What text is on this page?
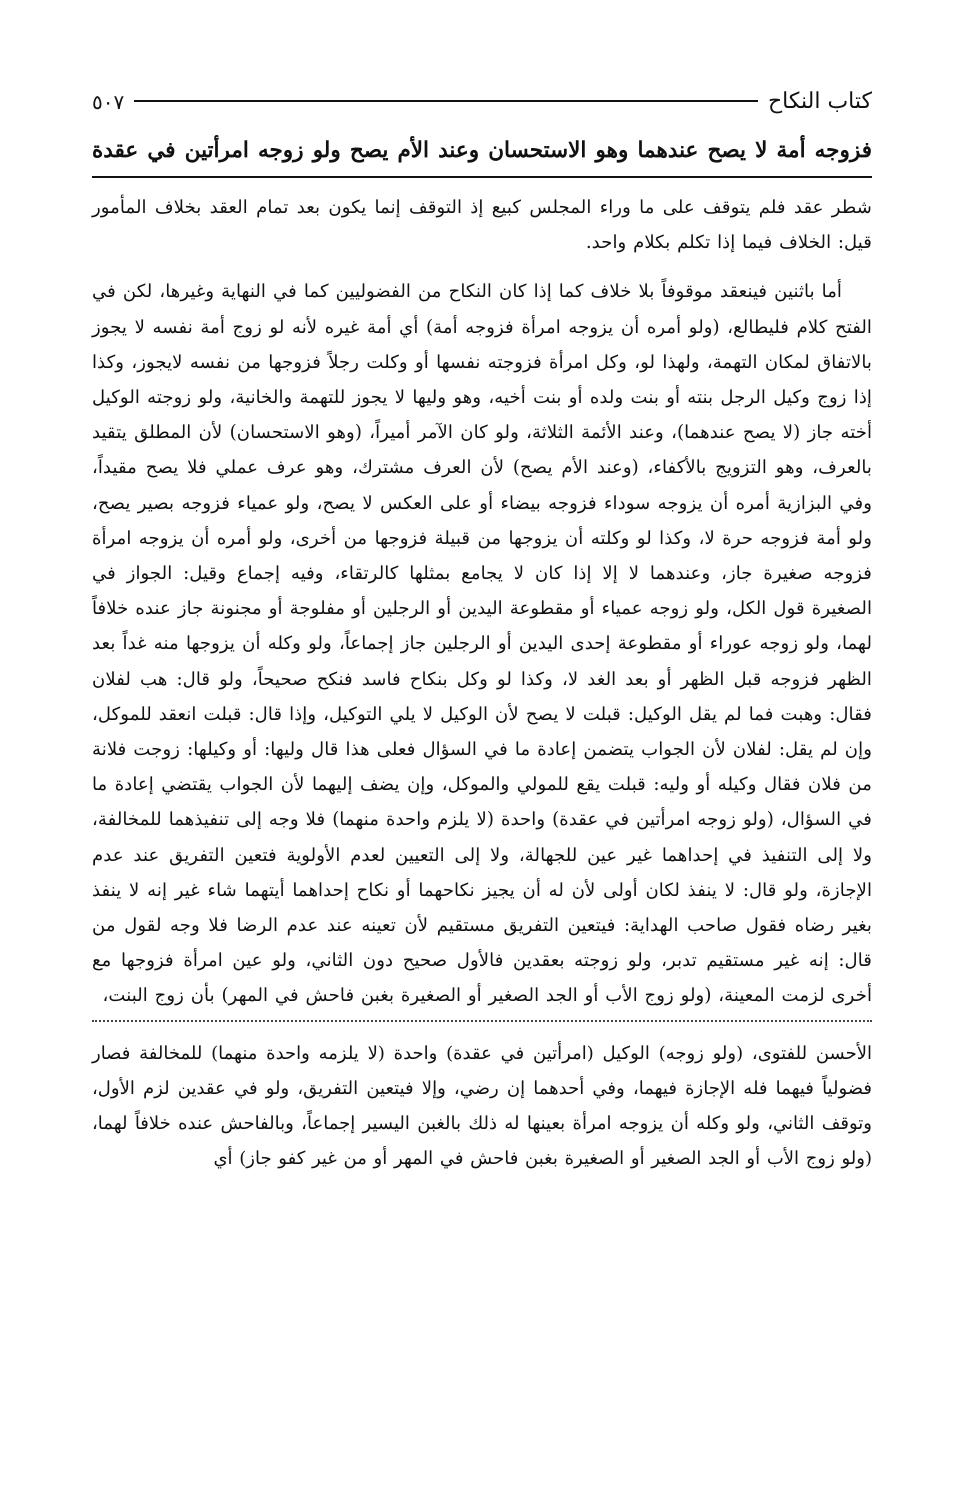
كتاب النكاح
٥٠٧
فزوجه أمة لا يصح عندهما وهو الاستحسان وعند الأم يصح ولو زوجه امرأتين في عقدة

شطر عقد فلم يتوقف على ما وراء المجلس كبيع إذ التوقف إنما يكون بعد تمام العقد بخلاف المأمور قيل: الخلاف فيما إذا تكلم بكلام واحد.

أما باثنين فينعقد موقوفاً بلا خلاف كما إذا كان النكاح من الفضوليين كما في النهاية وغيرها، لكن في الفتح كلام فليطالع، (ولو أمره أن يزوجه امرأة فزوجه أمة) أي أمة غيره لأنه لو زوج أمة نفسه لا يجوز بالاتفاق لمكان التهمة، ولهذا لو، وكل امرأة فزوجته نفسها أو وكلت رجلاً فزوجها من نفسه لايجوز، وكذا إذا زوج وكيل الرجل بنته أو بنت ولده أو بنت أخيه، وهو وليها لا يجوز للتهمة والخانية، ولو زوجته الوكيل أخته جاز (لا يصح عندهما)، وعند الأئمة الثلاثة، ولو كان الآمر أميراً، (وهو الاستحسان) لأن المطلق يتقيد بالعرف، وهو التزويج بالأكفاء، (وعند الأم يصح) لأن العرف مشترك، وهو عرف عملي فلا يصح مقيداً، وفي البزازية أمره أن يزوجه سوداء فزوجه بيضاء أو على العكس لا يصح، ولو عمياء فزوجه بصير يصح، ولو أمة فزوجه حرة لا، وكذا لو وكلته أن يزوجها من قبيلة فزوجها من أخرى، ولو أمره أن يزوجه امرأة فزوجه صغيرة جاز، وعندهما لا إلا إذا كان لا يجامع بمثلها كالرتقاء، وفيه إجماع وقيل: الجواز في الصغيرة قول الكل، ولو زوجه عمياء أو مقطوعة اليدين أو الرجلين أو مفلوجة أو مجنونة جاز عنده خلافاً لهما، ولو زوجه عوراء أو مقطوعة إحدى اليدين أو الرجلين جاز إجماعاً، ولو وكله أن يزوجها منه غداً بعد الظهر فزوجه قبل الظهر أو بعد الغد لا، وكذا لو وكل بنكاح فاسد فنكح صحيحاً، ولو قال: هب لفلان فقال: وهبت فما لم يقل الوكيل: قبلت لا يصح لأن الوكيل لا يلي التوكيل، وإذا قال: قبلت انعقد للموكل، وإن لم يقل: لفلان لأن الجواب يتضمن إعادة ما في السؤال فعلى هذا قال وليها: أو وكيلها: زوجت فلانة من فلان فقال وكيله أو وليه: قبلت يقع للمولي والموكل، وإن يضف إليهما لأن الجواب يقتضي إعادة ما في السؤال، (ولو زوجه امرأتين في عقدة) واحدة (لا يلزم واحدة منهما) فلا وجه إلى تنفيذهما للمخالفة، ولا إلى التنفيذ في إحداهما غير عين للجهالة، ولا إلى التعيين لعدم الأولوية فتعين التفريق عند عدم الإجازة، ولو قال: لا ينفذ لكان أولى لأن له أن يجيز نكاحهما أو نكاح إحداهما أيتهما شاء غير إنه لا ينفذ بغير رضاه فقول صاحب الهداية: فيتعين التفريق مستقيم لأن تعينه عند عدم الرضا فلا وجه لقول من قال: إنه غير مستقيم تدبر، ولو زوجته بعقدين فالأول صحيح دون الثاني، ولو عين امرأة فزوجها مع أخرى لزمت المعينة، (ولو زوج الأب أو الجد الصغير أو الصغيرة بغبن فاحش في المهر) بأن زوج البنت،

الأحسن للفتوى، (ولو زوجه) الوكيل (امرأتين في عقدة) واحدة (لا يلزمه واحدة منهما) للمخالفة فصار فضولياً فيهما فله الإجازة فيهما، وفي أحدهما إن رضي، وإلا فيتعين التفريق، ولو في عقدين لزم الأول، وتوقف الثاني، ولو وكله أن يزوجه امرأة بعينها له ذلك بالغبن اليسير إجماعاً، وبالفاحش عنده خلافاً لهما، (ولو زوج الأب أو الجد الصغير أو الصغيرة بغبن فاحش في المهر أو من غير كفو جاز) أي
